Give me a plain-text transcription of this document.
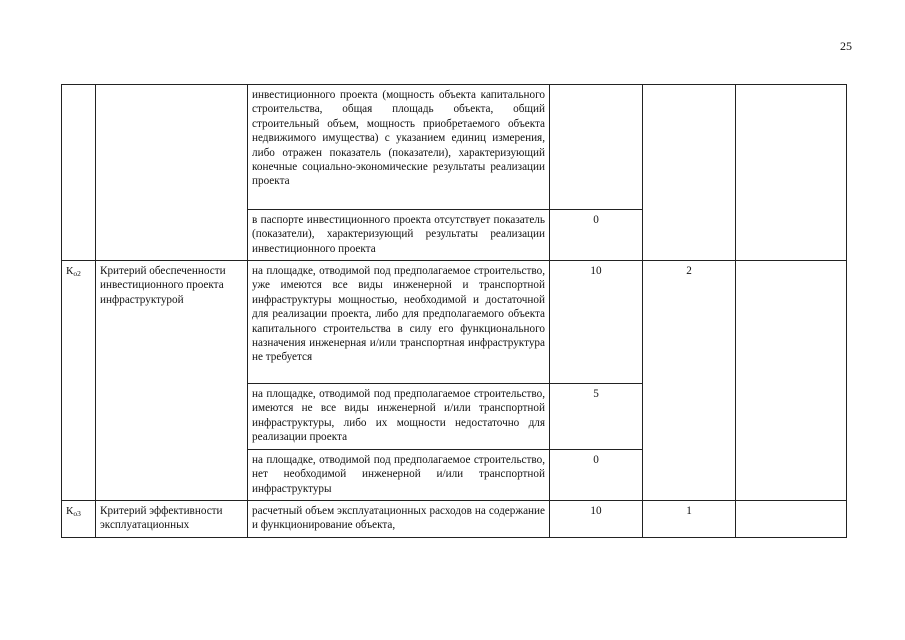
25
		инвестиционного проекта (мощность объекта капитального строительства, общая площадь объекта, общий строительный объем, мощность приобретаемого объекта недвижимого имущества) с указанием единиц измерения, либо отражен показатель (показатели), характеризующий конечные социально-экономические результаты реализации проекта			
		в паспорте инвестиционного проекта отсутствует показатель (показатели), характеризующий результаты реализации инвестиционного проекта	0		
$К_{o2}$	Критерий обеспеченности инвестиционного проекта инфраструктурой	на площадке, отводимой под предполагаемое строительство, уже имеются все виды инженерной и транспортной инфраструктуры мощностью, необходимой и достаточной для реализации проекта, либо для предполагаемого объекта капитального строительства в силу его функционального назначения инженерная и/или транспортная инфраструктура не требуется	10	2	
		на площадке, отводимой под предполагаемое строительство, имеются не все виды инженерной и/или транспортной инфраструктуры, либо их мощности недостаточно для реализации проекта	5		
		на площадке, отводимой под предполагаемое строительство, нет необходимой инженерной и/или транспортной инфраструктуры	0		
$К_{o3}$	Критерий эффективности эксплуатационных	расчетный объем эксплуатационных расходов на содержание и функционирование объекта,	10	1	
